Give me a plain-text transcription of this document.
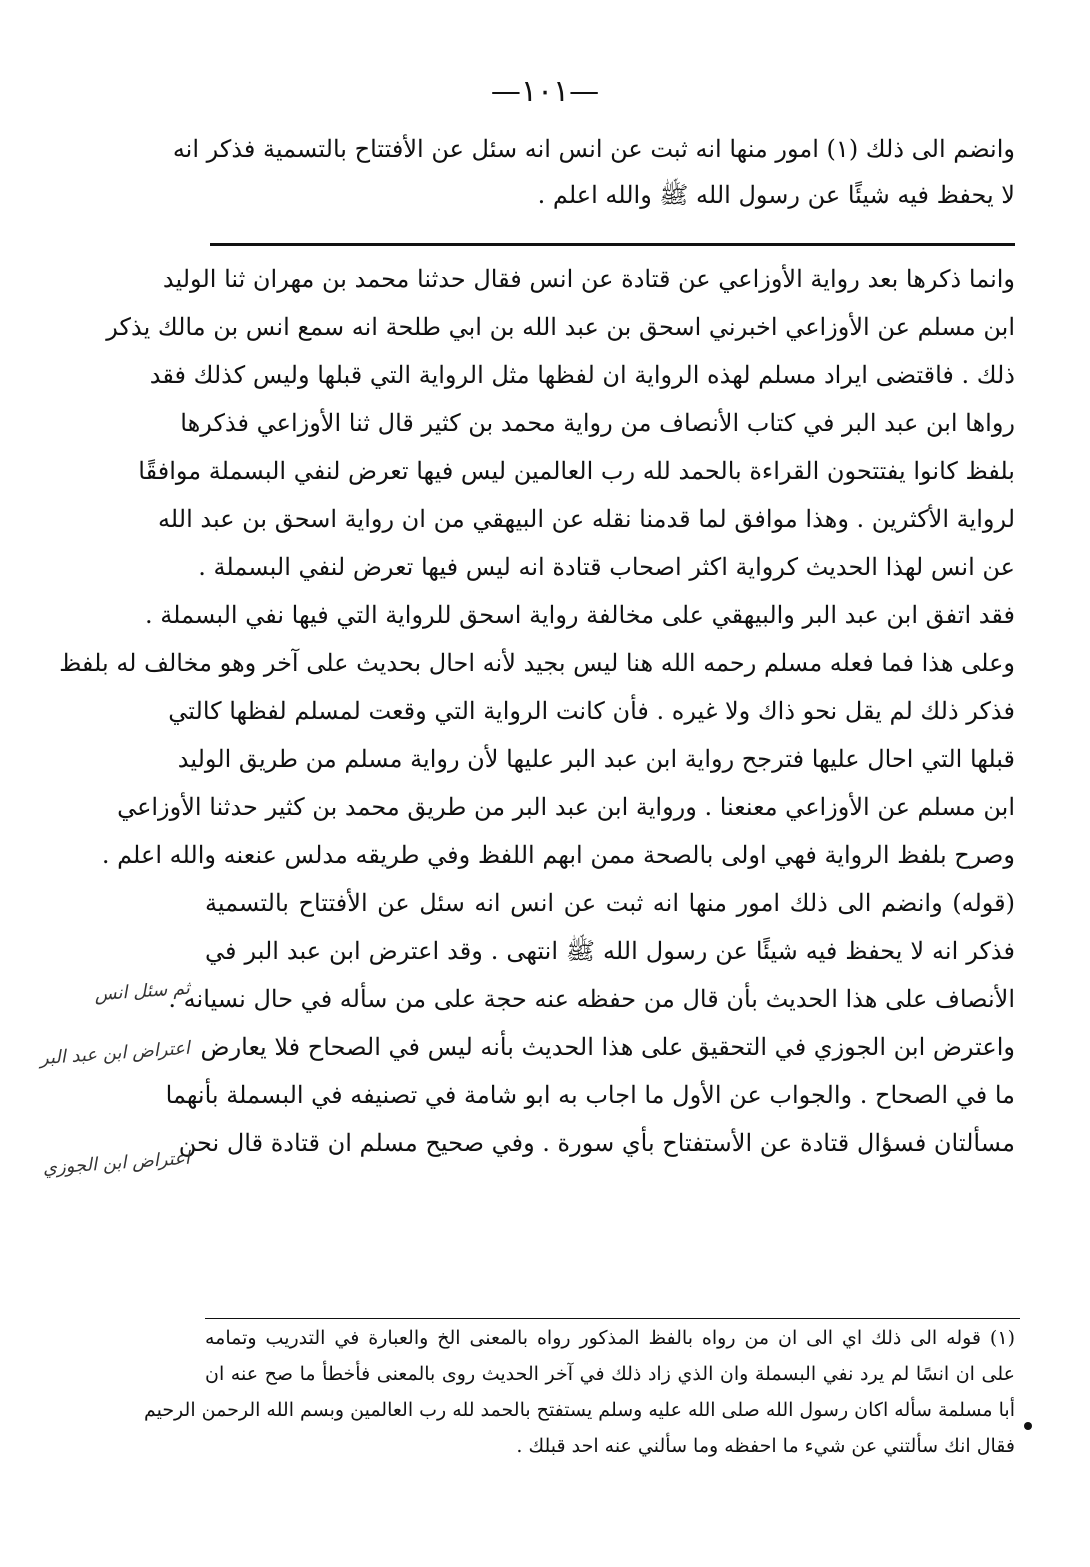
—١٠١—
وانضم الى ذلك (١) امور منها انه ثبت عن انس انه سئل عن الأفتتاح بالتسمية فذكر انه
لا يحفظ فيه شيئًا عن رسول الله ﷺ والله اعلم .
وانما ذكرها بعد رواية الأوزاعي عن قتادة عن انس فقال حدثنا محمد بن مهران ثنا الوليد
ابن مسلم عن الأوزاعي اخبرني اسحق بن عبد الله بن ابي طلحة انه سمع انس بن مالك يذكر
ذلك . فاقتضى ايراد مسلم لهذه الرواية ان لفظها مثل الرواية التي قبلها وليس كذلك فقد
رواها ابن عبد البر في كتاب الأنصاف من رواية محمد بن كثير قال ثنا الأوزاعي فذكرها
بلفظ كانوا يفتتحون القراءة بالحمد لله رب العالمين ليس فيها تعرض لنفي البسملة موافقًا
لرواية الأكثرين . وهذا موافق لما قدمنا نقله عن البيهقي من ان رواية اسحق بن عبد الله
عن انس لهذا الحديث كرواية اكثر اصحاب قتادة انه ليس فيها تعرض لنفي البسملة .
فقد اتفق ابن عبد البر والبيهقي على مخالفة رواية اسحق للرواية التي فيها نفي البسملة .
وعلى هذا فما فعله مسلم رحمه الله هنا ليس بجيد لأنه احال بحديث على آخر وهو مخالف له بلفظ
فذكر ذلك لم يقل نحو ذاك ولا غيره . فأن كانت الرواية التي وقعت لمسلم لفظها كالتي
قبلها التي احال عليها فترجح رواية ابن عبد البر عليها لأن رواية مسلم من طريق الوليد
ابن مسلم عن الأوزاعي معنعنا . ورواية ابن عبد البر من طريق محمد بن كثير حدثنا الأوزاعي
وصرح بلفظ الرواية فهي اولى بالصحة ممن ابهم اللفظ وفي طريقه مدلس عنعنه والله اعلم .
(قوله) وانضم الى ذلك امور منها انه ثبت عن انس انه سئل عن الأفتتاح بالتسمية
فذكر انه لا يحفظ فيه شيئًا عن رسول الله ﷺ انتهى . وقد اعترض ابن عبد البر في
الأنصاف على هذا الحديث بأن قال من حفظه عنه حجة على من سأله في حال نسيانه .
واعترض ابن الجوزي في التحقيق على هذا الحديث بأنه ليس في الصحاح فلا يعارض
ما في الصحاح . والجواب عن الأول ما اجاب به ابو شامة في تصنيفه في البسملة بأنهما
مسألتان فسؤال قتادة عن الأستفتاح بأي سورة . وفي صحيح مسلم ان قتادة قال نحن
(١) قوله الى ذلك اي الى ان من رواه بالفظ المذكور رواه بالمعنى الخ والعبارة في التدريب وتمامه
على ان انسًا لم يرد نفي البسملة وان الذي زاد ذلك في آخر الحديث روى بالمعنى فأخطأ ما صح عنه ان
أبا مسلمة سأله اكان رسول الله صلى الله عليه وسلم يستفتح بالحمد لله رب العالمين وبسم الله الرحمن الرحيم
فقال انك سألتني عن شيء ما احفظه وما سألني عنه احد قبلك .
ثم سئل انس
اعتراض ابن عبد البر
اعتراض ابن الجوزي
